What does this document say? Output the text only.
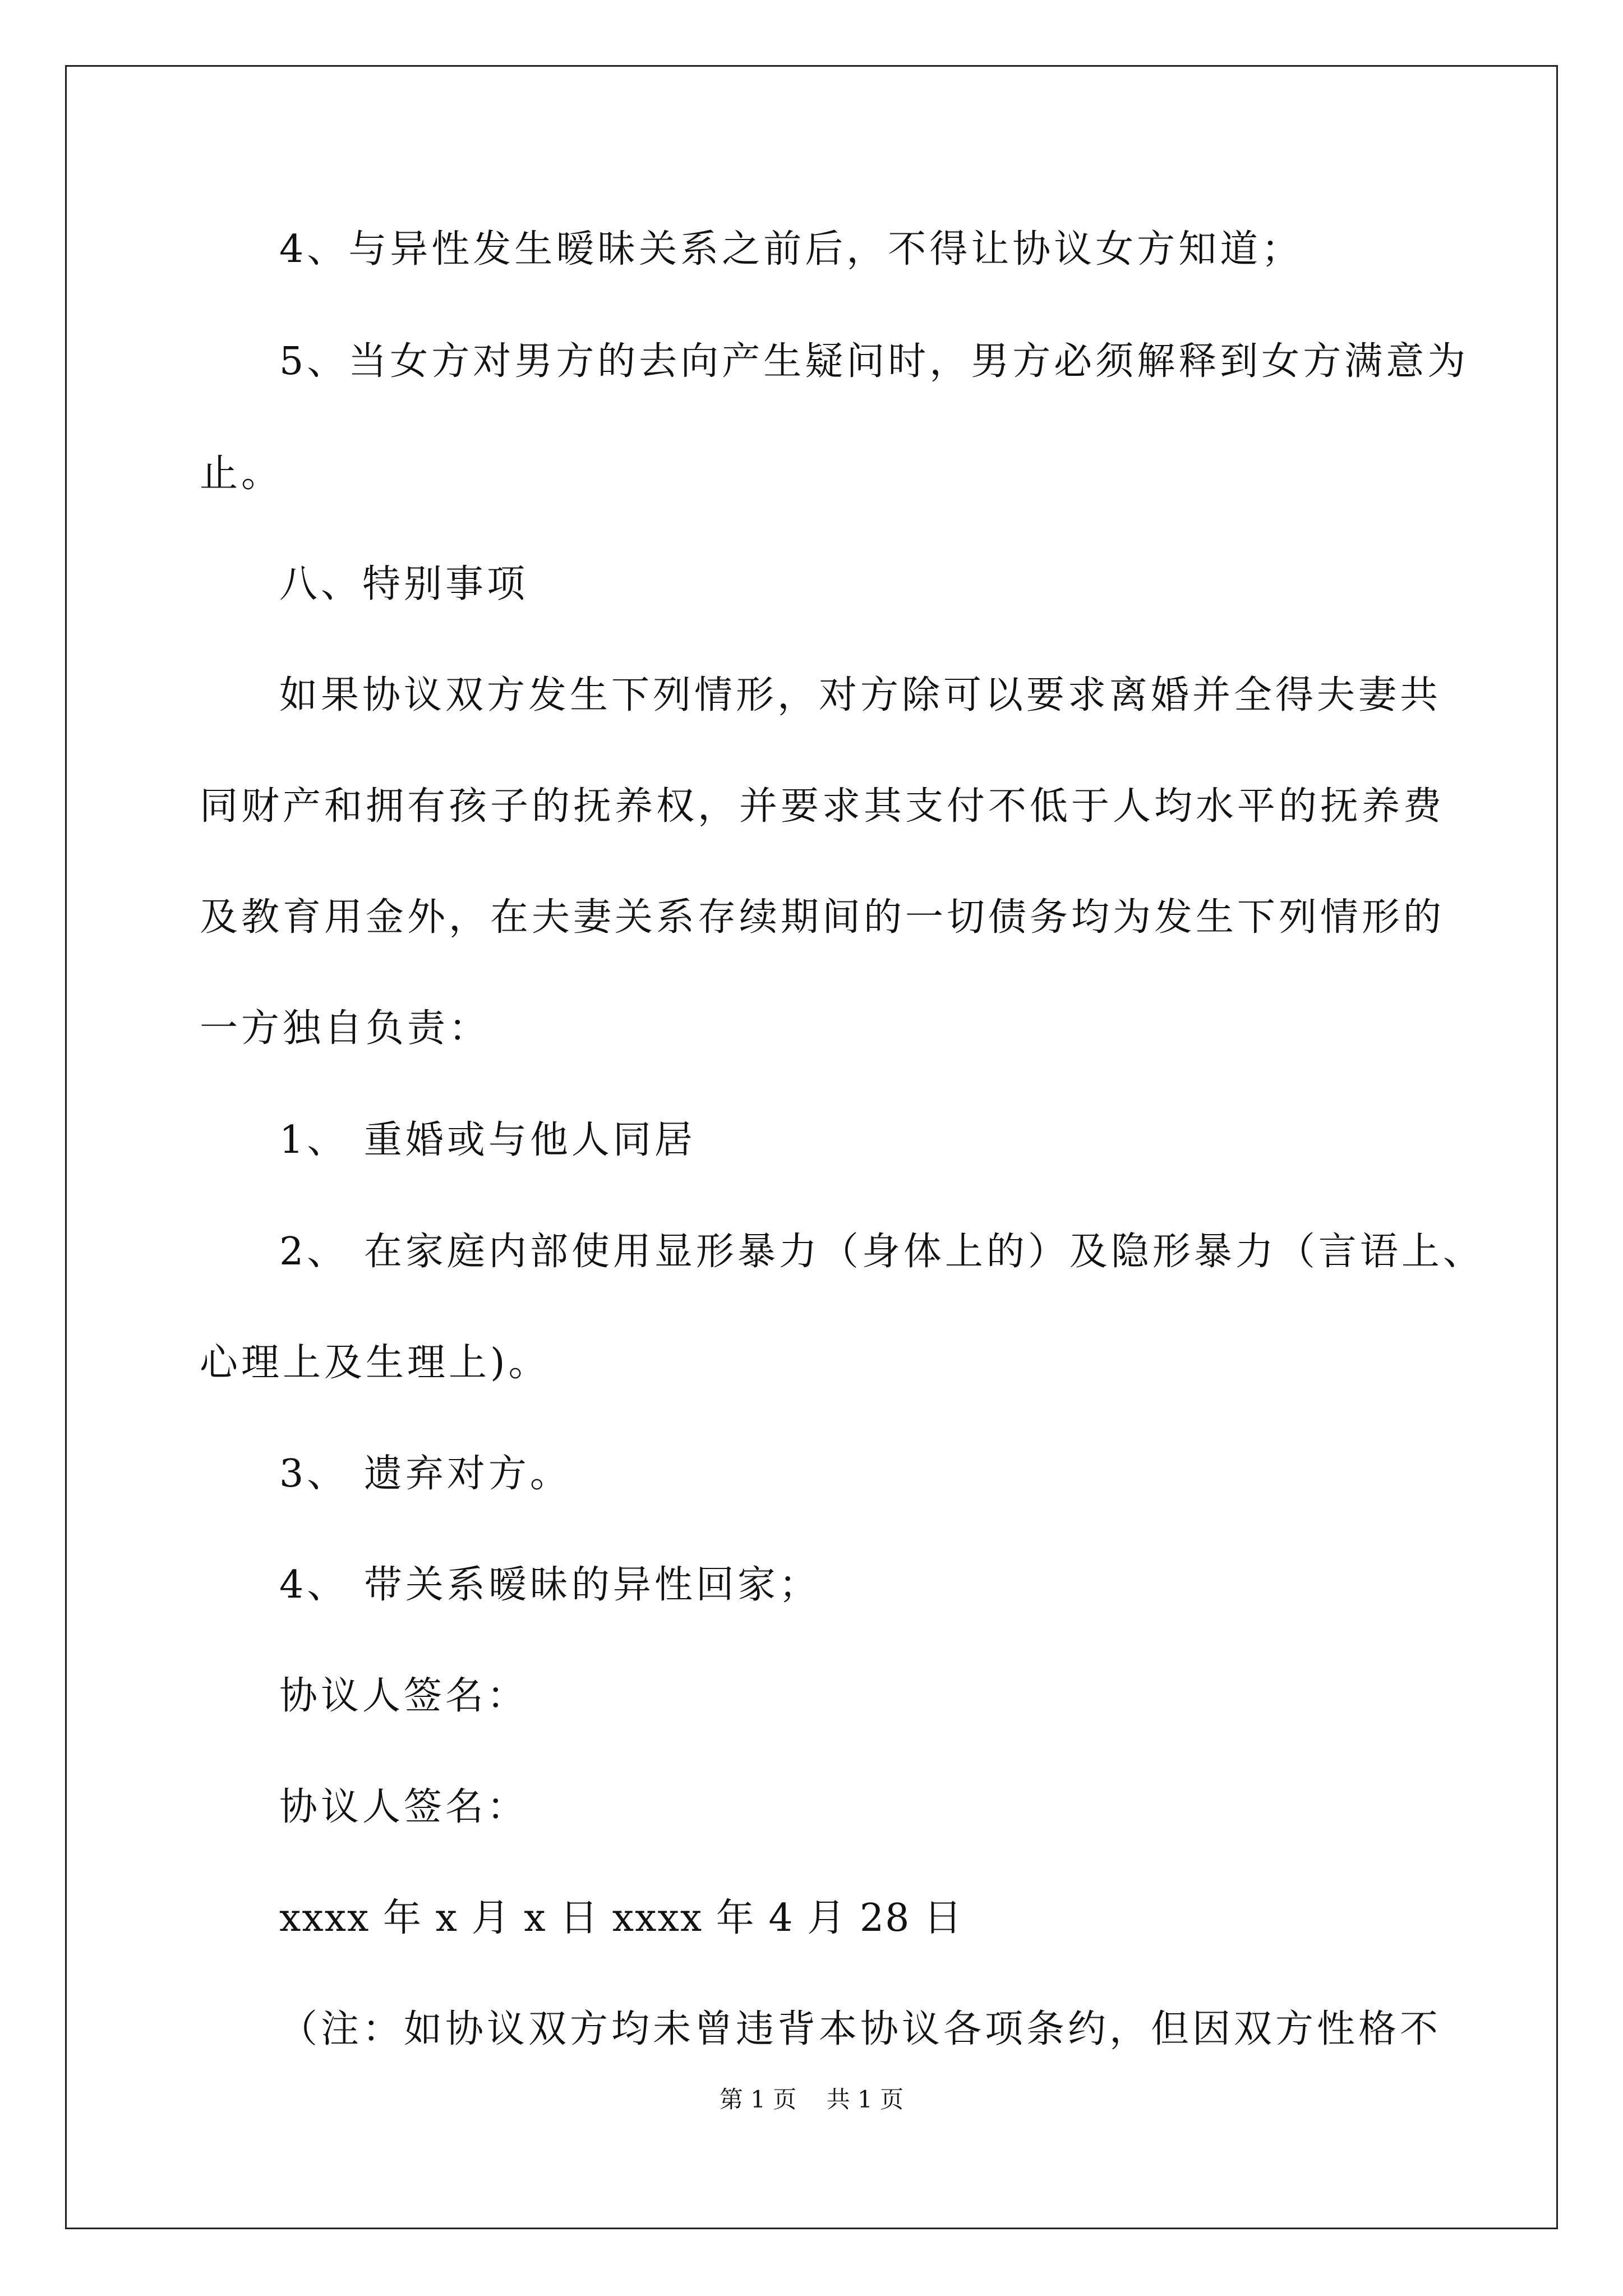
4、与异性发生暧昧关系之前后，不得让协议女方知道；
5、当女方对男方的去向产生疑问时，男方必须解释到女方满意为
止。
八、特别事项
如果协议双方发生下列情形，对方除可以要求离婚并全得夫妻共
同财产和拥有孩子的抚养权，并要求其支付不低于人均水平的抚养费
及教育用金外，在夫妻关系存续期间的一切债务均为发生下列情形的
一方独自负责：
1、 重婚或与他人同居
2、 在家庭内部使用显形暴力（身体上的）及隐形暴力（言语上、
心理上及生理上)。
3、 遗弃对方。
4、 带关系暧昧的异性回家；
协议人签名：
协议人签名：
xxxx 年 x 月 x 日 xxxx 年 4 月 28 日
（注：如协议双方均未曾违背本协议各项条约，但因双方性格不
第 1 页    共 1 页
